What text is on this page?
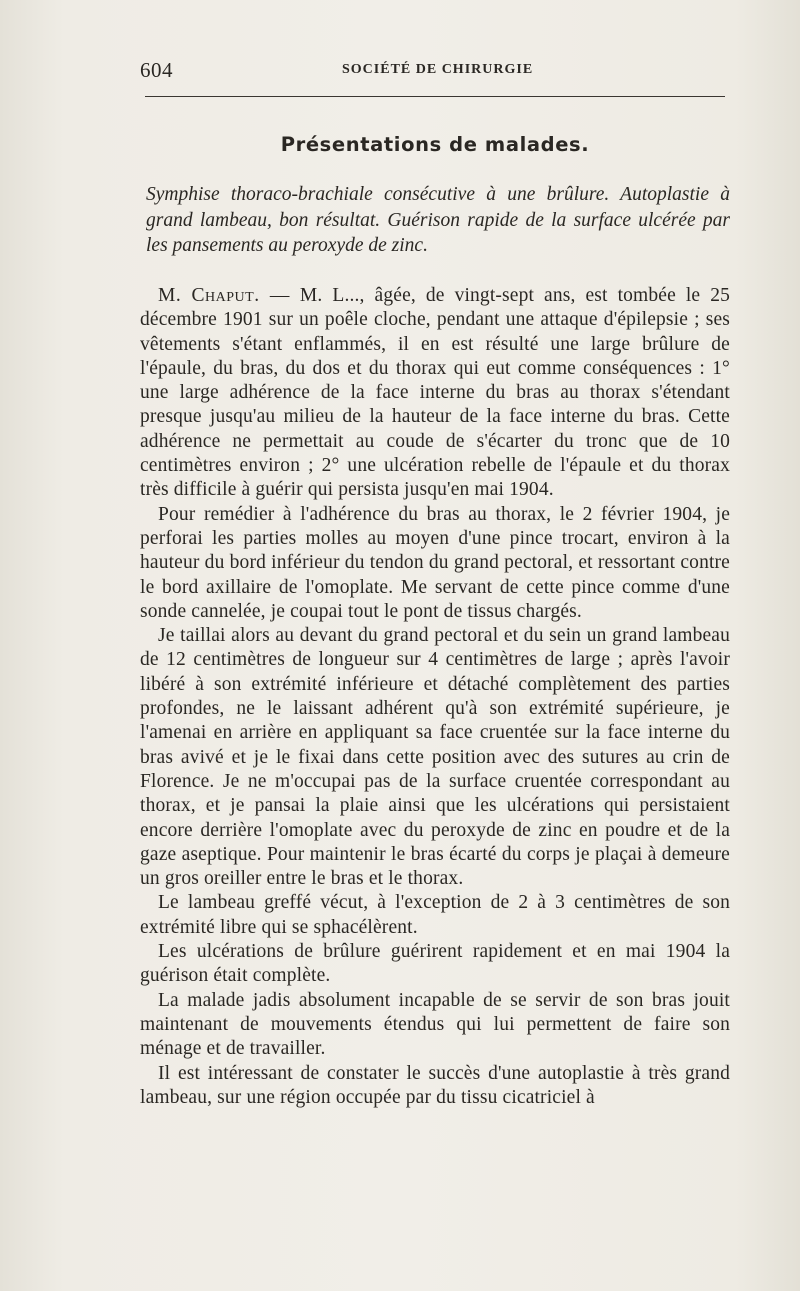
604	SOCIÉTÉ DE CHIRURGIE
Présentations de malades.
Symphise thoraco-brachiale consécutive à une brûlure. Autoplastie à grand lambeau, bon résultat. Guérison rapide de la surface ulcérée par les pansements au peroxyde de zinc.

M. Chaput. — M. L..., âgée, de vingt-sept ans, est tombée le 25 décembre 1901 sur un poêle cloche, pendant une attaque d'épilepsie ; ses vêtements s'étant enflammés, il en est résulté une large brûlure de l'épaule, du bras, du dos et du thorax qui eut comme conséquences : 1° une large adhérence de la face interne du bras au thorax s'étendant presque jusqu'au milieu de la hauteur de la face interne du bras. Cette adhérence ne permettait au coude de s'écarter du tronc que de 10 centimètres environ ; 2° une ulcération rebelle de l'épaule et du thorax très difficile à guérir qui persista jusqu'en mai 1904.

Pour remédier à l'adhérence du bras au thorax, le 2 février 1904, je perforai les parties molles au moyen d'une pince trocart, environ à la hauteur du bord inférieur du tendon du grand pectoral, et ressortant contre le bord axillaire de l'omoplate. Me servant de cette pince comme d'une sonde cannelée, je coupai tout le pont de tissus chargés.

Je taillai alors au devant du grand pectoral et du sein un grand lambeau de 12 centimètres de longueur sur 4 centimètres de large ; après l'avoir libéré à son extrémité inférieure et détaché complètement des parties profondes, ne le laissant adhérent qu'à son extrémité supérieure, je l'amenai en arrière en appliquant sa face cruentée sur la face interne du bras avivé et je le fixai dans cette position avec des sutures au crin de Florence. Je ne m'occupai pas de la surface cruentée correspondant au thorax, et je pansai la plaie ainsi que les ulcérations qui persistaient encore derrière l'omoplate avec du peroxyde de zinc en poudre et de la gaze aseptique. Pour maintenir le bras écarté du corps je plaçai à demeure un gros oreiller entre le bras et le thorax.

Le lambeau greffé vécut, à l'exception de 2 à 3 centimètres de son extrémité libre qui se sphacélèrent.

Les ulcérations de brûlure guérirent rapidement et en mai 1904 la guérison était complète.

La malade jadis absolument incapable de se servir de son bras jouit maintenant de mouvements étendus qui lui permettent de faire son ménage et de travailler.

Il est intéressant de constater le succès d'une autoplastie à très grand lambeau, sur une région occupée par du tissu cicatriciel à
